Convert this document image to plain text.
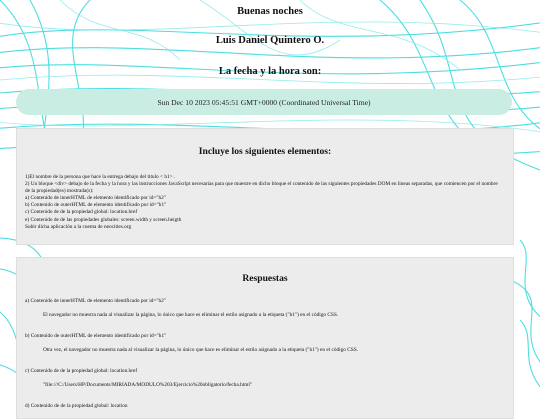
Buenas noches
Luis Daniel Quintero O.
La fecha y la hora son:
Sun Dec 10 2023 05:45:51 GMT+0000 (Coordinated Universal Time)
Incluye los siguientes elementos:
1)El nombre de la persona que hace la entrega debajo del titulo < h1> .
2) Un bloque <div> debajo de la fecha y la hora y las instrucciones JavaScript necesarias para que muestre en dicho bloque el contenido de las siguientes propiedades DOM en lineas separadas, que comiencen por el nombre de la propiedad(es) mostrada(s):
a) Contenido de innerHTML de elemento identificado por id="h2"
b) Contenido de outerHTML de elemento identificado por id="h1"
c) Contenido de de la propiedad global: location.href
e) Contenido de de las propiedades globales: screen.width y screen.heigth
Subir dicha aplicación a la cuenta de neocities.org
Respuestas
a) Contenido de innerHTML de elemento identificado por id="h2"
El navegador no muestra nada al visualizar la página, lo único que hace es eliminar el estilo asignado a la etiqueta ("h1") en el código CSS.
b) Contenido de outerHTML de elemento identificado por id="h1"
Otra vez, el navegador no muestra nada al visualizar la página, lo único que hace es eliminar el estilo asignado a la etiqueta ("h1") en el código CSS.
c) Contenido de de la propiedad global: location.href
"file:///C:/Users/HP/Documents/MIRIADA/MODULO%203/Ejercicio%20obligatorio/fecha.html"
d) Contenido de de la propiedad global: location
